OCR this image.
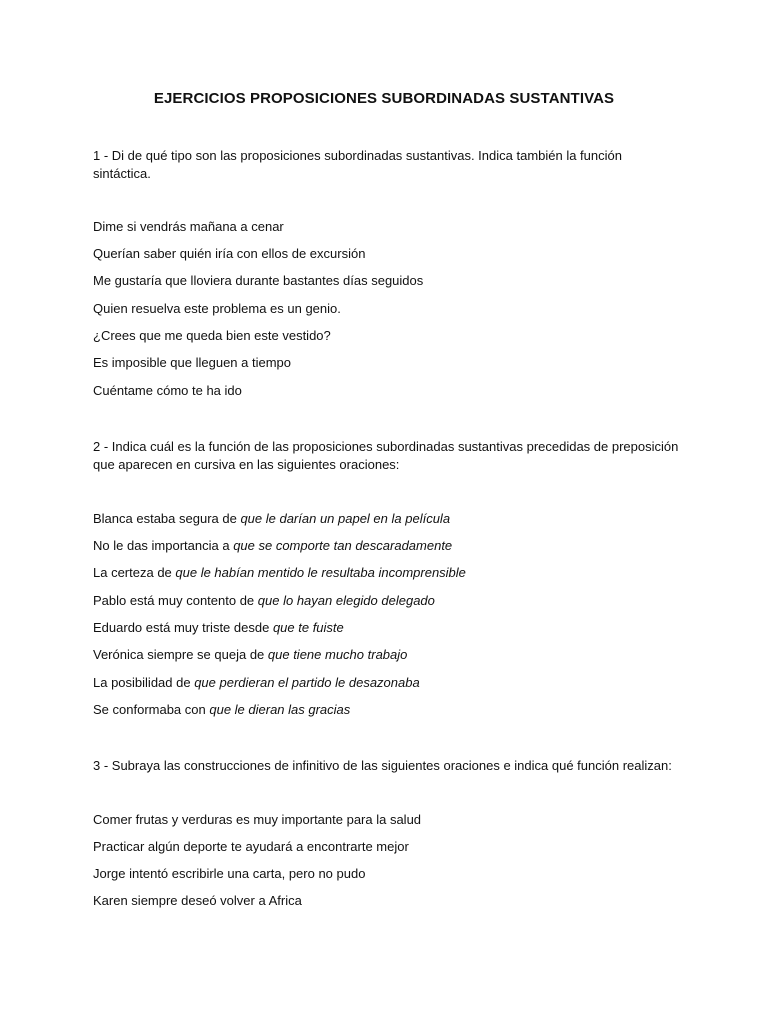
EJERCICIOS PROPOSICIONES SUBORDINADAS SUSTANTIVAS
1 - Di de qué tipo son las proposiciones subordinadas sustantivas. Indica también la función sintáctica.
Dime si vendrás mañana a cenar
Querían saber quién iría con ellos de excursión
Me gustaría que lloviera durante bastantes días seguidos
Quien resuelva este problema es un genio.
¿Crees que me queda bien este vestido?
Es imposible que lleguen a tiempo
Cuéntame cómo te ha ido
2 - Indica cuál es la función de las proposiciones subordinadas sustantivas precedidas de preposición que aparecen en cursiva en las siguientes oraciones:
Blanca estaba segura de que le darían un papel en la película
No le das importancia a que se comporte tan descaradamente
La certeza de que le habían mentido le resultaba incomprensible
Pablo está muy contento de que lo hayan elegido delegado
Eduardo está muy triste desde que te fuiste
Verónica siempre se queja de que tiene mucho trabajo
La posibilidad de que perdieran el partido le desazonaba
Se conformaba con que le dieran las gracias
3 - Subraya las construcciones de infinitivo de las siguientes oraciones e indica qué función realizan:
Comer frutas y verduras es muy importante para la salud
Practicar algún deporte te ayudará a encontrarte mejor
Jorge intentó escribirle una carta, pero no pudo
Karen siempre deseó volver a Africa
